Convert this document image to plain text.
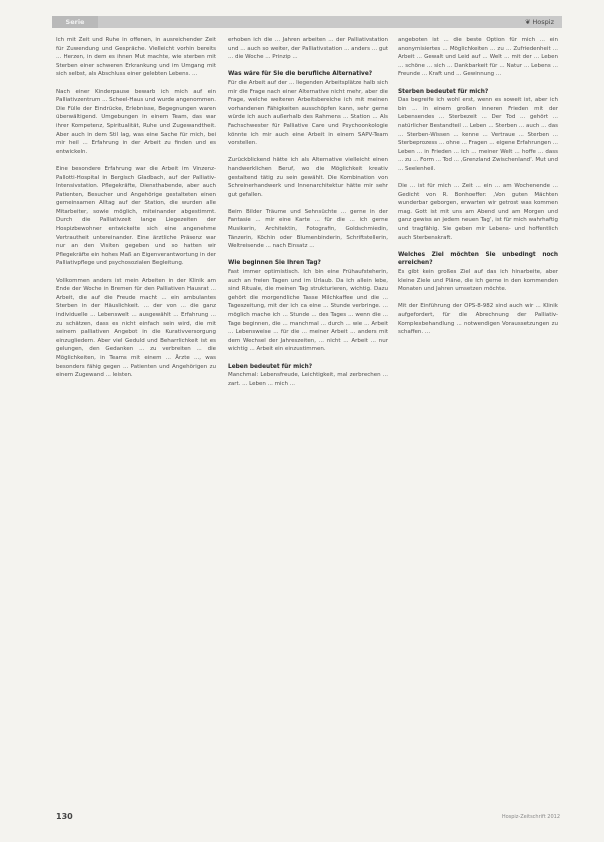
Serie	❦ Hospiz

Ich mit Zeit und Ruhe in offenen, in ausreichender Zeit für Zuwendung und Gespräche. Vielleicht vorhin bereits ... Herzen, in dem es ihnen Mut machte, wie sterben mit Sterben einer schweren Erkrankung und im Umgang mit sich selbst, als Abschluss einer gelebten Lebens. ...

Nach einer Kinderpause bewarb ich mich auf ein Palliativzentrum ... Scheel-Haus und wurde angenommen. Die Fülle der Eindrücke, Erlebnisse, Begegnungen waren überwältigend. Umgebungen in einem Team, das war ihrer Kompetenz, Spiritualität, Ruhe und Zugewandtheit. Aber auch in dem Stil lag, was eine Sache für mich, bei mir heil ... Erfahrung in der Arbeit zu finden und es entwickeln.

Eine besondere Erfahrung war die Arbeit im Vinzenz-Pallotti-Hospital in Bergisch Gladbach, auf der Palliativ-Intensivstation. Pflegekräfte, Diensthabende, aber auch Patienten, Besucher und Angehörige gestalteten einen gemeinsamen Alltag auf der Station, die wurden alle Mitarbeiter, sowie möglich, miteinander abgestimmt. Durch die Palliativzeit lange Liegezeiten der Hospizbewohner entwickelte sich eine angenehme Vertrautheit untereinander. Eine ärztliche Präsenz war nur an den Visiten gegeben und so hatten wir Pflegekräfte ein hohes Maß an Eigenverantwortung in der Palliativpflege und psychosozialen Begleitung.

Vollkommen anders ist mein Arbeiten in der Klinik am Ende der Woche in Bremen für den Palliativen Hausrat ... Arbeit, die auf die Freude macht ... ein ambulantes Sterben in der Häuslichkeit. ... der von ... die ganz individuelle ... Lebenswelt ... ausgewählt ... Erfahrung ... zu schätzen, dass es nicht einfach sein wird, die mit seinem palliativen Angebot in die Kurativversorgung einzugliedern. Aber viel Geduld und Beharrlichkeit ist es gelungen, den Gedanken ... zu verbreiten ... die Möglichkeiten, in Teams mit einem ... Ärzte ..., was besonders fähig gegen ... Patienten und Angehörigen zu einem Zugewand ... leisten.

erhoben ich die ... Jahren arbeiten ... der Palliativstation und ... auch so weiter, der Palliativstation ... anders ... gut ... die Woche ... Prinzip ...

Was wäre für Sie die berufliche Alternative?

Für die Arbeit auf der ... liegenden Arbeitsplätze halb sich mir die Frage nach einer Alternative nicht mehr, aber die Frage, welche weiteren Arbeitsbereiche ich mit meinen vorhandenen Fähigkeiten ausschöpfen kann, sehr gerne würde ich auch außerhalb des Rahmens ... Station ... Als Fachschwester für Palliative Care und Psychoonkologie könnte ich mir auch eine Arbeit in einem SAPV-Team vorstellen.

Zurückblickend hätte ich als Alternative vielleicht einen handwerklichen Beruf, wo die Möglichkeit kreativ gestaltend tätig zu sein gewählt. Die Kombination von Schreinerhandwerk und Innenarchitektur hätte mir sehr gut gefallen.

Beim Bilder Träume und Sehnsüchte ... gerne in der Fantasie ... mir eine Karte ... für die ... ich gerne Musikerin, Architektin, Fotografin, Goldschmiedin, Tänzerin, Köchin oder Blumenbinderin, Schriftstellerin, Weltreisende ... nach Einsatz ...

Wie beginnen Sie Ihren Tag?

Fast immer optimistisch. Ich bin eine Frühaufsteherin, auch an freien Tagen und im Urlaub. Da ich allein lebe, sind Rituale, die meinen Tag strukturieren, wichtig. Dazu gehört die morgendliche Tasse Milchkaffee und die ... Tageszeitung, mit der ich ca eine ... Stunde verbringe. ... möglich mache ich ... Stunde ... des Tages ... wenn die ... Tage beginnen, die ... manchmal ... durch ... wie ... Arbeit ... Lebensweise ... für die ... meiner Arbeit ... anders mit dem Wechsel der Jahreszeiten, ... nicht ... Arbeit ... nur wichtig ... Arbeit ein einzustimmen.

Leben bedeutet für mich?

Manchmal: Lebensfreude, Leichtigkeit, mal zerbrechen ... zart. ... Leben ... mich ...

angeboten ist ... die beste Option für mich ... ein anonymisiertes ... Möglichkeiten ... zu ... Zufriedenheit ... Arbeit ... Gewalt und Leid auf ... Welt ... mit der ... Leben ... schöne ... sich ... Dankbarkeit für ... Natur ... Lebens ... Freunde ... Kraft und ... Gewinnung ...

Sterben bedeutet für mich?

Das begreife ich wohl erst, wenn es soweit ist, aber ich bin ... in einem großen inneren Frieden mit der Lebensendes ... Sterbezeit ... Der Tod ... gehört ... natürlicher Bestandteil ... Leben ... Sterben ... auch ... das ... Sterben-Wissen ... kenne ... Vertraue ... Sterben ... Sterbeprozess ... ohne ... Fragen ... eigene Erfahrungen ... Leben ... in Frieden ... ich ... meiner Welt ... hoffe ... dass ... zu ... Form ... Tod ... ‚Grenzland Zwischenland‘. Mut und ... Seelenheil.

Die ... ist für mich ... Zeit ... ein ... am Wochenende ... Gedicht von R. Bonhoeffer: ‚Von guten Mächten wunderbar geborgen, erwarten wir getrost was kommen mag. Gott ist mit uns am Abend und am Morgen und ganz gewiss an jedem neuen Tag‘, ist für mich wahrhaftig und tragfähig. Sie geben mir Lebens- und hoffentlich auch Sterbenskraft.

Welches Ziel möchten Sie unbedingt noch erreichen?

Es gibt kein großes Ziel auf das ich hinarbeite, aber kleine Ziele und Pläne, die ich gerne in den kommenden Monaten und Jahren umsetzen möchte.

Mit der Einführung der OPS-8-982 sind auch wir ... Klinik aufgefordert, für die Abrechnung der Palliativ-Komplexbehandlung ... notwendigen Voraussetzungen zu schaffen. ...

130	Hospiz-Zeitschrift 2012
